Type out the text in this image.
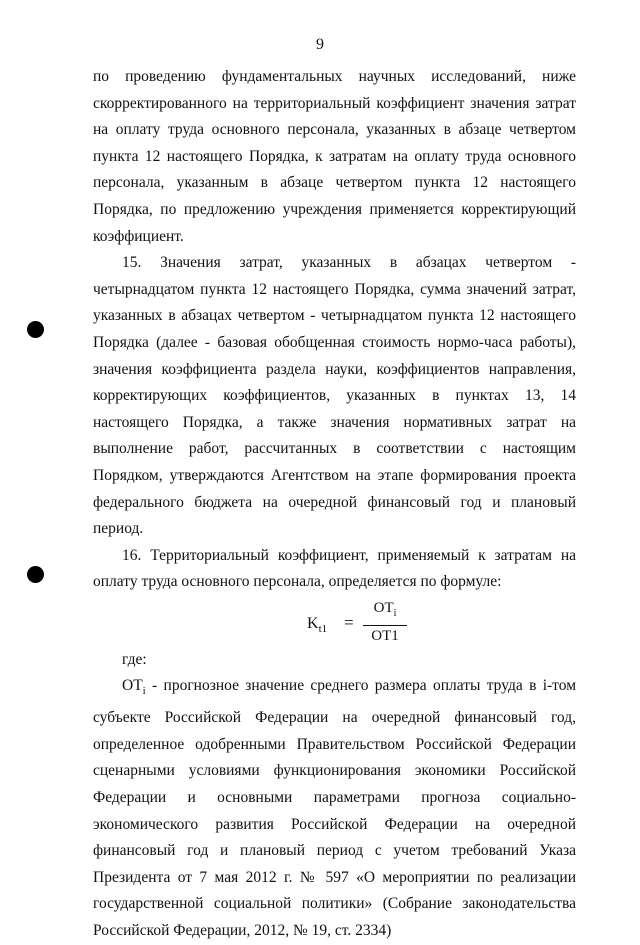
9

по проведению фундаментальных научных исследований, ниже скорректированного на территориальный коэффициент значения затрат на оплату труда основного персонала, указанных в абзаце четвертом пункта 12 настоящего Порядка, к затратам на оплату труда основного персонала, указанным в абзаце четвертом пункта 12 настоящего Порядка, по предложению учреждения применяется корректирующий коэффициент.

15. Значения затрат, указанных в абзацах четвертом - четырнадцатом пункта 12 настоящего Порядка, сумма значений затрат, указанных в абзацах четвертом - четырнадцатом пункта 12 настоящего Порядка (далее - базовая обобщенная стоимость нормо-часа работы), значения коэффициента раздела науки, коэффициентов направления, корректирующих коэффициентов, указанных в пунктах 13, 14 настоящего Порядка, а также значения нормативных затрат на выполнение работ, рассчитанных в соответствии с настоящим Порядком, утверждаются Агентством на этапе формирования проекта федерального бюджета на очередной финансовый год и плановый период.

16. Территориальный коэффициент, применяемый к затратам на оплату труда основного персонала, определяется по формуле:

$K_{t1}$ =
$OT_i$
OT1

где:

$OT_i$ - прогнозное значение среднего размера оплаты труда в i-том субъекте Российской Федерации на очередной финансовый год, определенное одобренными Правительством Российской Федерации сценарными условиями функционирования экономики Российской Федерации и основными параметрами прогноза социально-экономического развития Российской Федерации на очередной финансовый год и плановый период с учетом требований Указа Президента от 7 мая 2012 г. № 597 «О мероприятии по реализации государственной социальной политики» (Собрание законодательства Российской Федерации, 2012, № 19, ст. 2334)
